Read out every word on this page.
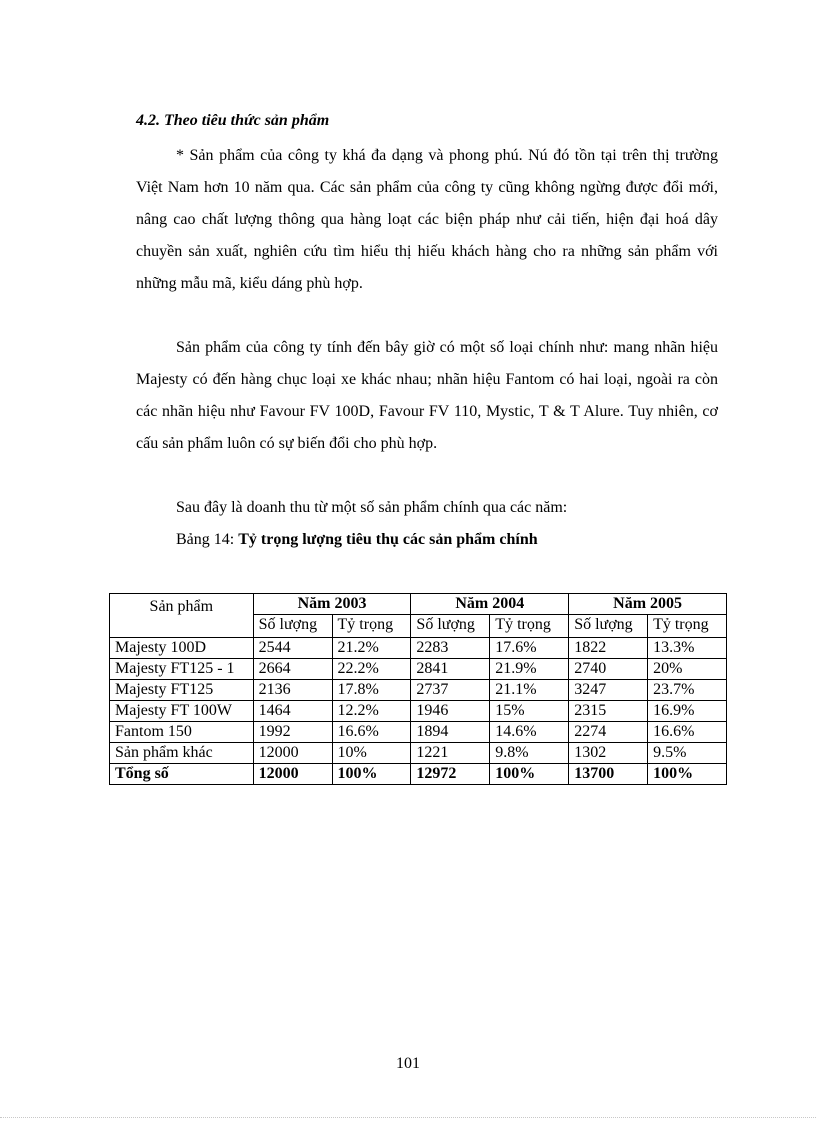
4.2. Theo tiêu thức sản phẩm

* Sản phẩm của công ty khá đa dạng và phong phú. Nú đó tồn tại trên thị trường Việt Nam hơn 10 năm qua. Các sản phẩm của công ty cũng không ngừng được đổi mới, nâng cao chất lượng thông qua hàng loạt các biện pháp như cải tiến, hiện đại hoá dây chuyền sản xuất, nghiên cứu tìm hiểu thị hiếu khách hàng cho ra những sản phẩm với những mẫu mã, kiểu dáng phù hợp.

Sản phẩm của công ty tính đến bây giờ có một số loại chính như: mang nhãn hiệu Majesty có đến hàng chục loại xe khác nhau; nhãn hiệu Fantom có hai loại, ngoài ra còn các nhãn hiệu như Favour FV 100D, Favour FV 110, Mystic, T & T Alure. Tuy nhiên, cơ cấu sản phẩm luôn có sự biến đổi cho phù hợp.

Sau đây là doanh thu từ một số sản phẩm chính qua các năm:

Bảng 14: Tỷ trọng lượng tiêu thụ các sản phẩm chính

Sản phẩm	Năm 2003		Năm 2004		Năm 2005	
	Số lượng	Tỷ trọng	Số lượng	Tỷ trọng	Số lượng	Tỷ trọng
Majesty 100D	2544	21.2%	2283	17.6%	1822	13.3%
Majesty FT125 - 1	2664	22.2%	2841	21.9%	2740	20%
Majesty FT125	2136	17.8%	2737	21.1%	3247	23.7%
Majesty FT 100W	1464	12.2%	1946	15%	2315	16.9%
Fantom 150	1992	16.6%	1894	14.6%	2274	16.6%
Sản phẩm khác	12000	10%	1221	9.8%	1302	9.5%
Tổng số	12000	100%	12972	100%	13700	100%
101
